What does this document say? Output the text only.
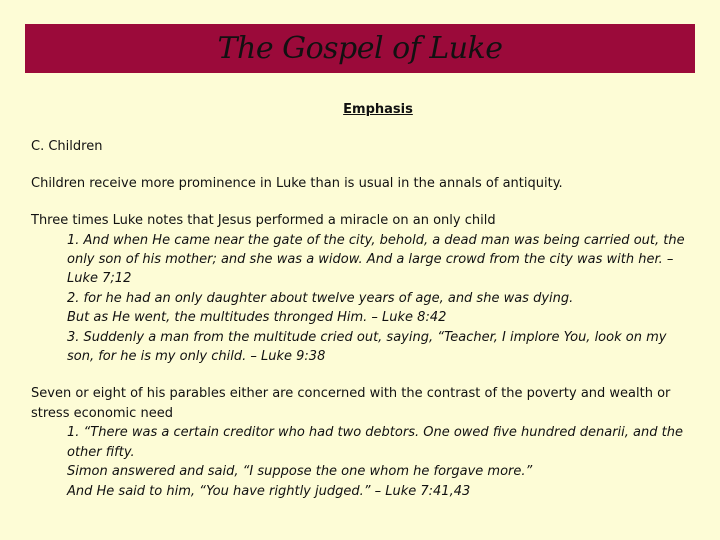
The Gospel of Luke

Emphasis

C. Children

Children receive more prominence in Luke than is usual in the annals of antiquity.

Three times Luke notes that Jesus performed a miracle on an only child

1. And when He came near the gate of the city, behold, a dead man was being carried out, the only son of his mother; and she was a widow. And a large crowd from the city was with her. – Luke 7;12

2. for he had an only daughter about twelve years of age, and she was dying.

But as He went, the multitudes thronged Him. – Luke 8:42

3. Suddenly a man from the multitude cried out, saying, “Teacher, I implore You, look on my son, for he is my only child. – Luke 9:38

Seven or eight of his parables either are concerned with the contrast of the poverty and wealth or stress economic need

1. “There was a certain creditor who had two debtors. One owed five hundred denarii, and the other fifty.

Simon answered and said, “I suppose the one whom he forgave more.”

And He said to him, “You have rightly judged.” – Luke 7:41,43
